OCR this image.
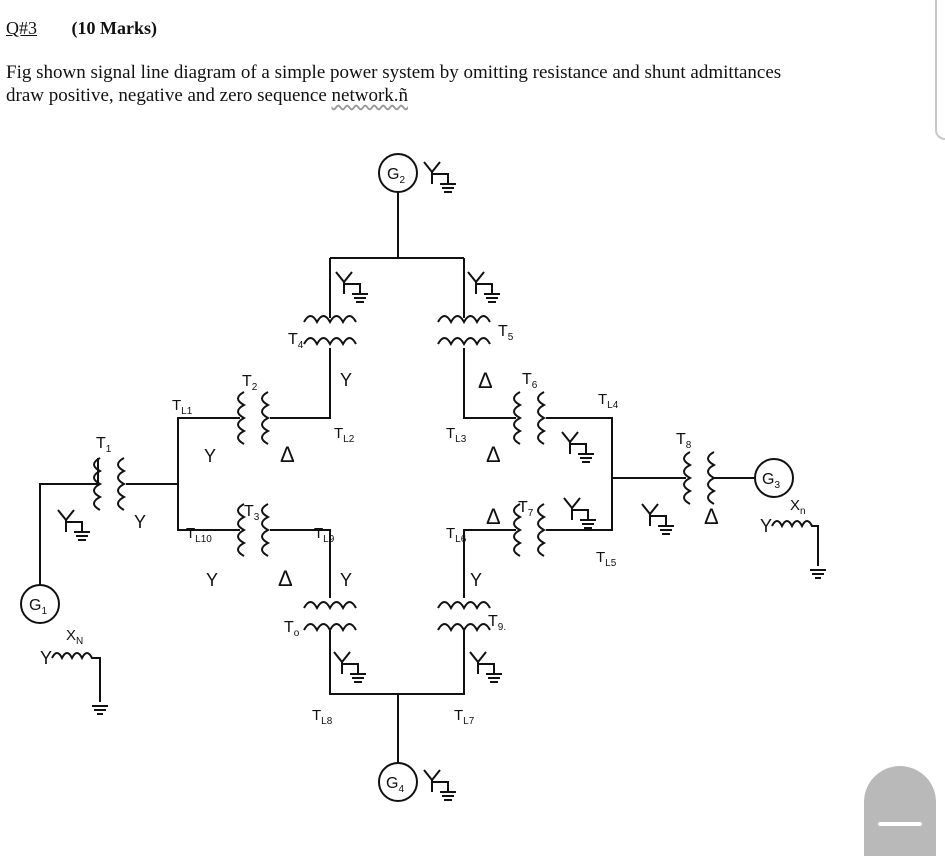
Q#3 (10 Marks)
Fig shown signal line diagram of a simple power system by omitting resistance and shunt admittances
draw positive, negative and zero sequence network.ñ
$G_2$
$G_1$
$G_3$
$G_4$
Y
$X_N$
Y
$X_n$
$T_1$
Y
$T_2$
Y	Δ
$T_3$
Y	Δ
$T_4$
Y
$T_5$
Δ $T_6$
Δ
$T_7$
Δ
$T_8$
Δ
$T_o$
Y
$T_{9.}$
Y
$T_{L1}$
$T_{L2}$	$T_{L3}$
$T_{L4}$
$T_{L5}$
$T_{L6}$
$T_{L7}$
$T_{L8}$
$T_{L9}$
$T_{L10}$
